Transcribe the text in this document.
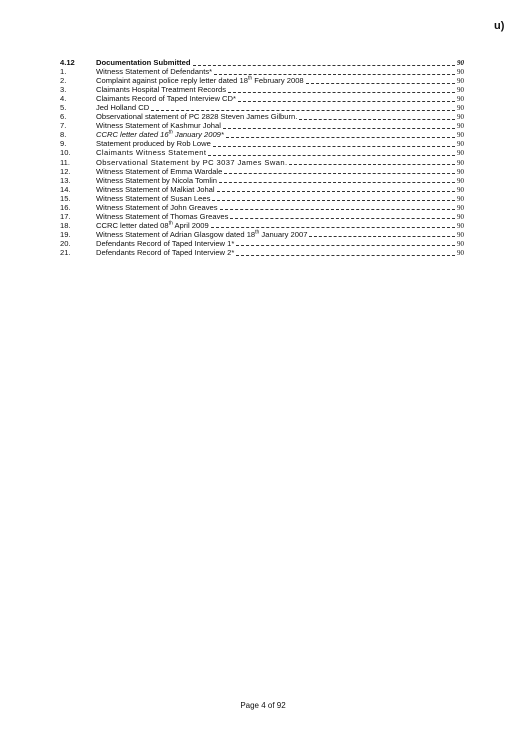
u)
4.12	Documentation Submitted	90
1.	Witness Statement of Defendants*	90
2.	Complaint against police reply letter dated 18th February 2008	90
3.	Claimants Hospital Treatment Records	90
4.	Claimants Record of Taped Interview CD*	90
5.	Jed Holland CD	90
6.	Observational statement of PC 2828 Steven James Gilburn.	90
7.	Witness Statement of Kashmur Johal	90
8.	CCRC letter dated 16th January 2009*	90
9.	Statement produced by Rob Lowe	90
10.	Claimants Witness Statement	90
11.	Observational Statement by PC 3037 James Swan.	90
12.	Witness Statement of Emma Wardale	90
13.	Witness Statement by Nicola Tomlin	90
14.	Witness Statement of Malkiat Johal	90
15.	Witness Statement of Susan Lees	90
16.	Witness Statement of John Greaves	90
17.	Witness Statement of Thomas Greaves	90
18.	CCRC letter dated 08th April 2009	90
19.	Witness Statement of Adrian Glasgow dated 18th January 2007	90
20.	Defendants Record of Taped Interview 1*	90
21.	Defendants Record of Taped Interview 2*	90
Page 4 of 92
